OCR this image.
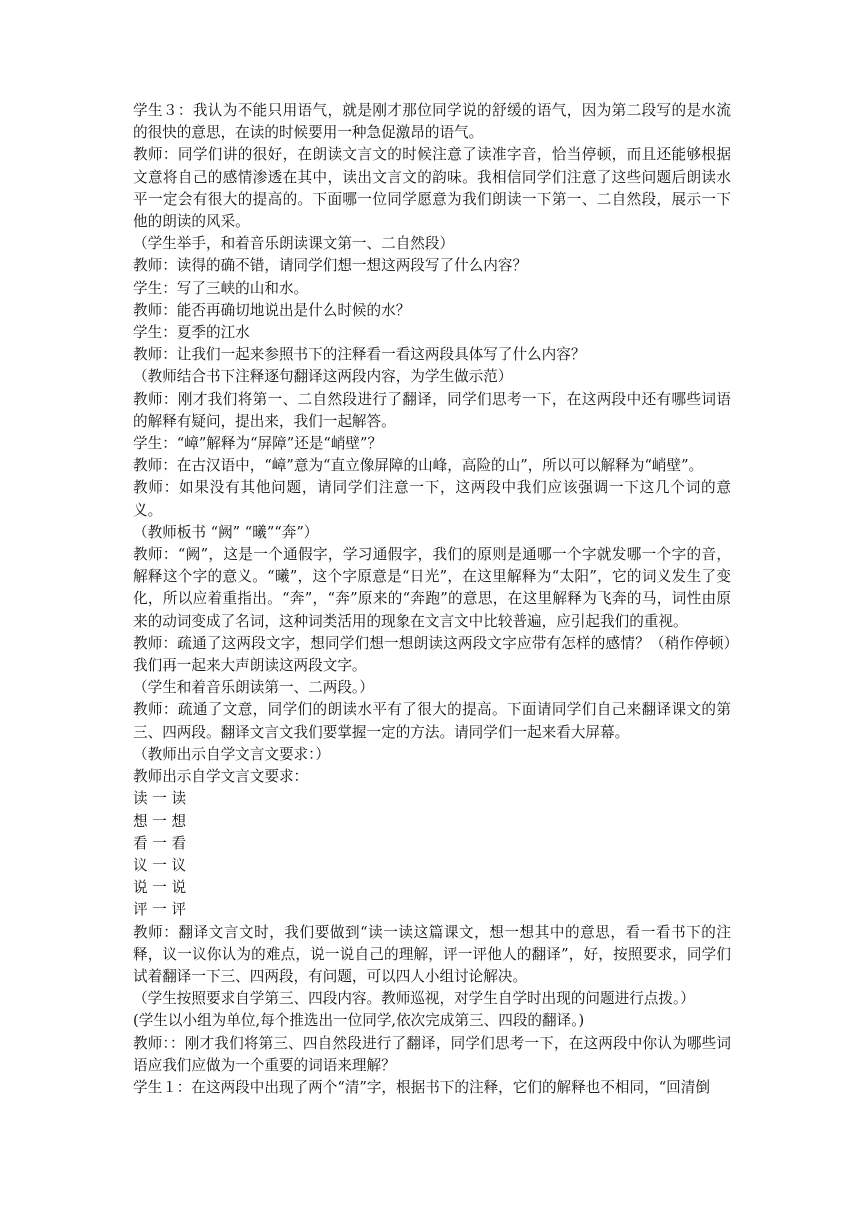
学生３：我认为不能只用语气，就是刚才那位同学说的舒缓的语气，因为第二段写的是水流的很快的意思，在读的时候要用一种急促激昂的语气。

教师：同学们讲的很好，在朗读文言文的时候注意了读准字音，恰当停顿，而且还能够根据文意将自己的感情渗透在其中，读出文言文的韵味。我相信同学们注意了这些问题后朗读水平一定会有很大的提高的。下面哪一位同学愿意为我们朗读一下第一、二自然段，展示一下他的朗读的风采。

（学生举手，和着音乐朗读课文第一、二自然段）

教师：读得的确不错，请同学们想一想这两段写了什么内容？

学生：写了三峡的山和水。

教师：能否再确切地说出是什么时候的水？

学生：夏季的江水

教师：让我们一起来参照书下的注释看一看这两段具体写了什么内容？

（教师结合书下注释逐句翻译这两段内容，为学生做示范）

教师：刚才我们将第一、二自然段进行了翻译，同学们思考一下，在这两段中还有哪些词语的解释有疑问，提出来，我们一起解答。

学生：“嶂”解释为“屏障”还是“峭壁”？

教师：在古汉语中，“嶂”意为“直立像屏障的山峰，高险的山”，所以可以解释为“峭壁”。

教师：如果没有其他问题，请同学们注意一下，这两段中我们应该强调一下这几个词的意义。

（教师板书 “阙” “曦”“奔”）

教师：“阙”，这是一个通假字，学习通假字，我们的原则是通哪一个字就发哪一个字的音，解释这个字的意义。“曦”，这个字原意是“日光”，在这里解释为“太阳”，它的词义发生了变化，所以应着重指出。“奔”，“奔”原来的“奔跑”的意思，在这里解释为飞奔的马，词性由原来的动词变成了名词，这种词类活用的现象在文言文中比较普遍，应引起我们的重视。

教师：疏通了这两段文字，想同学们想一想朗读这两段文字应带有怎样的感情？（稍作停顿）我们再一起来大声朗读这两段文字。

（学生和着音乐朗读第一、二两段。）

教师：疏通了文意，同学们的朗读水平有了很大的提高。下面请同学们自己来翻译课文的第三、四两段。翻译文言文我们要掌握一定的方法。请同学们一起来看大屏幕。

（教师出示自学文言文要求：）

教师出示自学文言文要求：

读 一 读

想 一 想

看 一 看

议 一 议

说 一 说

评 一 评

教师：翻译文言文时，我们要做到“读一读这篇课文，想一想其中的意思，看一看书下的注释，议一议你认为的难点，说一说自己的理解，评一评他人的翻译”，好，按照要求，同学们试着翻译一下三、四两段，有问题，可以四人小组讨论解决。

（学生按照要求自学第三、四段内容。教师巡视，对学生自学时出现的问题进行点拨。）

(学生以小组为单位,每个推选出一位同学,依次完成第三、四段的翻译。)

教师：：刚才我们将第三、四自然段进行了翻译，同学们思考一下，在这两段中你认为哪些词语应我们应做为一个重要的词语来理解？

学生１：在这两段中出现了两个“清”字，根据书下的注释，它们的解释也不相同，“回清倒
